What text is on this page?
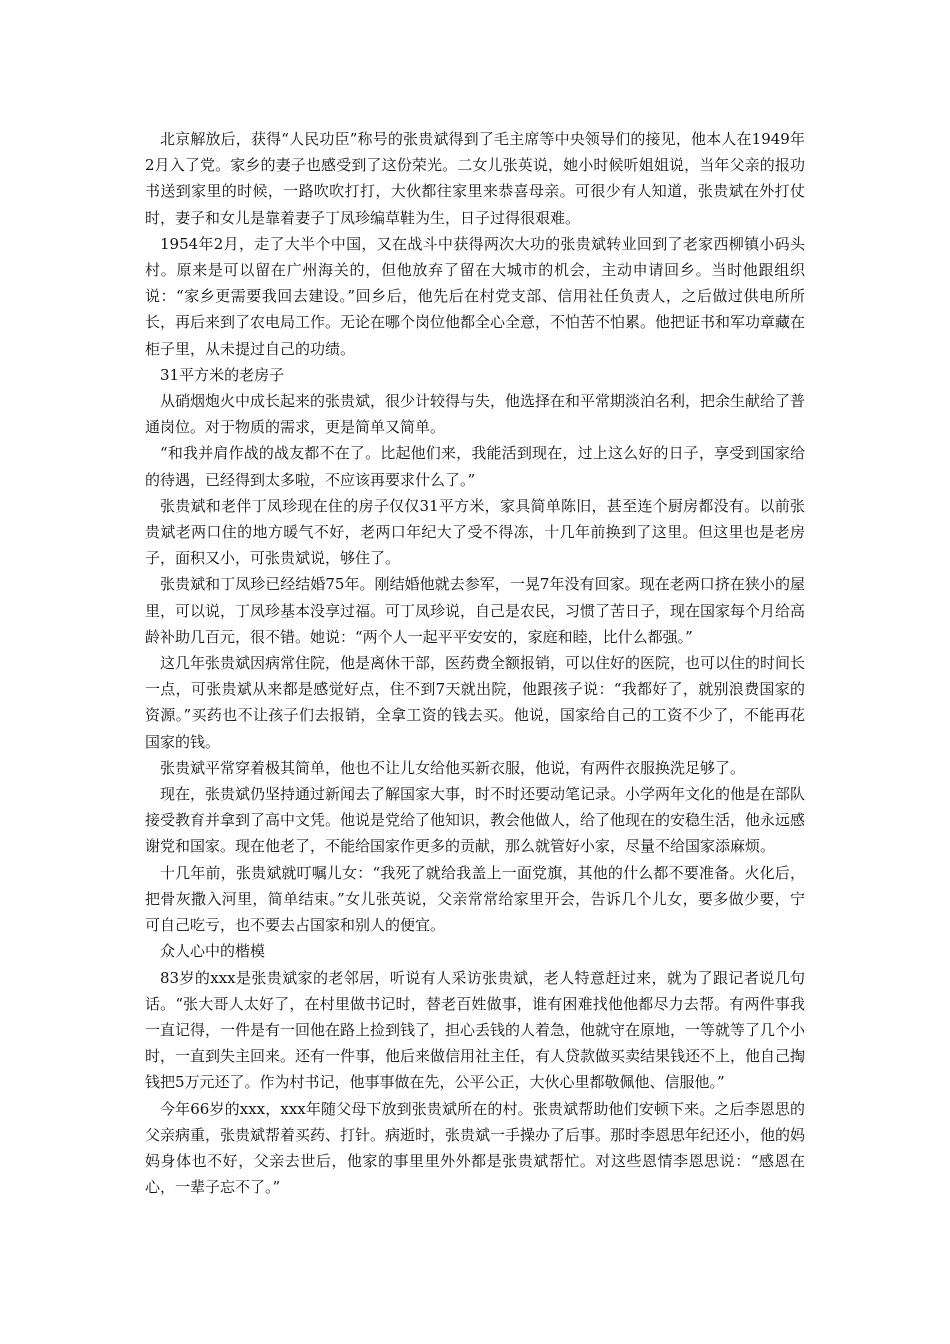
北京解放后，获得“人民功臣”称号的张贵斌得到了毛主席等中央领导们的接见，他本人在1949年2月入了党。家乡的妻子也感受到了这份荣光。二女儿张英说，她小时候听姐姐说，当年父亲的报功书送到家里的时候，一路吹吹打打，大伙都往家里来恭喜母亲。可很少有人知道，张贵斌在外打仗时，妻子和女儿是靠着妻子丁凤珍编草鞋为生，日子过得很艰难。

1954年2月，走了大半个中国，又在战斗中获得两次大功的张贵斌转业回到了老家西柳镇小码头村。原来是可以留在广州海关的，但他放弃了留在大城市的机会，主动申请回乡。当时他跟组织说：“家乡更需要我回去建设。”回乡后，他先后在村党支部、信用社任负责人，之后做过供电所所长，再后来到了农电局工作。无论在哪个岗位他都全心全意，不怕苦不怕累。他把证书和军功章藏在柜子里，从未提过自己的功绩。

31平方米的老房子

从硝烟炮火中成长起来的张贵斌，很少计较得与失，他选择在和平常期淡泊名利，把余生献给了普通岗位。对于物质的需求，更是简单又简单。

“和我并肩作战的战友都不在了。比起他们来，我能活到现在，过上这么好的日子，享受到国家给的待遇，已经得到太多啦，不应该再要求什么了。”

张贵斌和老伴丁凤珍现在住的房子仅仅31平方米，家具简单陈旧，甚至连个厨房都没有。以前张贵斌老两口住的地方暖气不好，老两口年纪大了受不得冻，十几年前换到了这里。但这里也是老房子，面积又小，可张贵斌说，够住了。

张贵斌和丁凤珍已经结婚75年。刚结婚他就去参军，一晃7年没有回家。现在老两口挤在狭小的屋里，可以说，丁凤珍基本没享过福。可丁凤珍说，自己是农民，习惯了苦日子，现在国家每个月给高龄补助几百元，很不错。她说：“两个人一起平平安安的，家庭和睦，比什么都强。”

这几年张贵斌因病常住院，他是离休干部，医药费全额报销，可以住好的医院，也可以住的时间长一点，可张贵斌从来都是感觉好点，住不到7天就出院，他跟孩子说：“我都好了，就别浪费国家的资源。”买药也不让孩子们去报销，全拿工资的钱去买。他说，国家给自己的工资不少了，不能再花国家的钱。

张贵斌平常穿着极其简单，他也不让儿女给他买新衣服，他说，有两件衣服换洗足够了。

现在，张贵斌仍坚持通过新闻去了解国家大事，时不时还要动笔记录。小学两年文化的他是在部队接受教育并拿到了高中文凭。他说是党给了他知识，教会他做人，给了他现在的安稳生活，他永远感谢党和国家。现在他老了，不能给国家作更多的贡献，那么就管好小家，尽量不给国家添麻烦。

十几年前，张贵斌就叮嘱儿女：“我死了就给我盖上一面党旗，其他的什么都不要准备。火化后，把骨灰撒入河里，简单结束。”女儿张英说，父亲常常给家里开会，告诉几个儿女，要多做少要，宁可自己吃亏，也不要去占国家和别人的便宜。

众人心中的楷模

83岁的xxx是张贵斌家的老邻居，听说有人采访张贵斌，老人特意赶过来，就为了跟记者说几句话。“张大哥人太好了，在村里做书记时，替老百姓做事，谁有困难找他他都尽力去帮。有两件事我一直记得，一件是有一回他在路上捡到钱了，担心丢钱的人着急，他就守在原地，一等就等了几个小时，一直到失主回来。还有一件事，他后来做信用社主任，有人贷款做买卖结果钱还不上，他自己掏钱把5万元还了。作为村书记，他事事做在先，公平公正，大伙心里都敬佩他、信服他。”

今年66岁的xxx，xxx年随父母下放到张贵斌所在的村。张贵斌帮助他们安顿下来。之后李恩思的父亲病重，张贵斌帮着买药、打针。病逝时，张贵斌一手操办了后事。那时李恩思年纪还小，他的妈妈身体也不好，父亲去世后，他家的事里里外外都是张贵斌帮忙。对这些恩情李恩思说：“感恩在心，一辈子忘不了。”
